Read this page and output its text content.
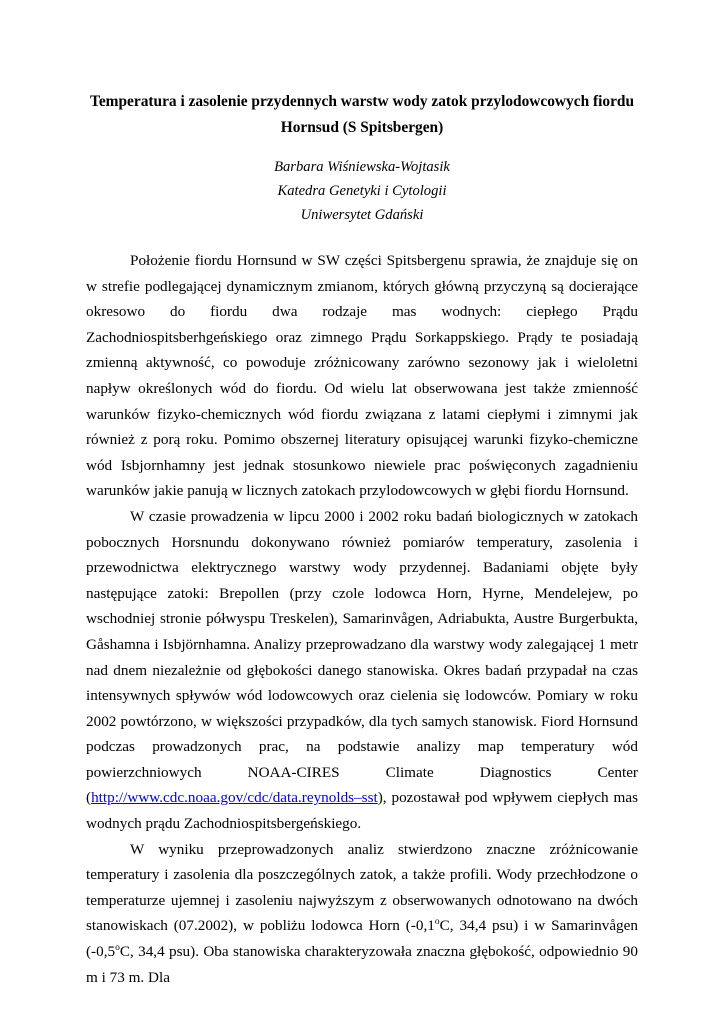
Temperatura i zasolenie przydennych warstw wody zatok przylodowcowych fiordu
Hornsud (S Spitsbergen)
Barbara Wiśniewska-Wojtasik
Katedra Genetyki i Cytologii
Uniwersytet Gdański

Położenie fiordu Hornsund w SW części Spitsbergenu sprawia, że znajduje się on w strefie podlegającej dynamicznym zmianom, których główną przyczyną są docierające okresowo do fiordu dwa rodzaje mas wodnych: ciepłego Prądu Zachodniospitsberhgeńskiego oraz zimnego Prądu Sorkappskiego. Prądy te posiadają zmienną aktywność, co powoduje zróżnicowany zarówno sezonowy jak i wieloletni napływ określonych wód do fiordu. Od wielu lat obserwowana jest także zmienność warunków fizyko-chemicznych wód fiordu związana z latami ciepłymi i zimnymi jak również z porą roku. Pomimo obszernej literatury opisującej warunki fizyko-chemiczne wód Isbjornhamny jest jednak stosunkowo niewiele prac poświęconych zagadnieniu warunków jakie panują w licznych zatokach przylodowcowych w głębi fiordu Hornsund.

W czasie prowadzenia w lipcu 2000 i 2002 roku badań biologicznych w zatokach pobocznych Horsnundu dokonywano również pomiarów temperatury, zasolenia i przewodnictwa elektrycznego warstwy wody przydennej. Badaniami objęte były następujące zatoki: Brepollen (przy czole lodowca Horn, Hyrne, Mendelejew, po wschodniej stronie półwyspu Treskelen), Samarinvågen, Adriabukta, Austre Burgerbukta, Gåshamna i Isbjörnhamna. Analizy przeprowadzano dla warstwy wody zalegającej 1 metr nad dnem niezależnie od głębokości danego stanowiska. Okres badań przypadał na czas intensywnych spływów wód lodowcowych oraz cielenia się lodowców. Pomiary w roku 2002 powtórzono, w większości przypadków, dla tych samych stanowisk. Fiord Hornsund podczas prowadzonych prac, na podstawie analizy map temperatury wód powierzchniowych NOAA-CIRES Climate Diagnostics Center (http://www.cdc.noaa.gov/cdc/data.reynolds–sst), pozostawał pod wpływem ciepłych mas wodnych prądu Zachodniospitsbergeńskiego.

W wyniku przeprowadzonych analiz stwierdzono znaczne zróżnicowanie temperatury i zasolenia dla poszczególnych zatok, a także profili. Wody przechłodzone o temperaturze ujemnej i zasoleniu najwyższym z obserwowanych odnotowano na dwóch stanowiskach (07.2002), w pobliżu lodowca Horn (-0,1$^o$C, 34,4 psu) i w Samarinvågen (-0,5$^o$C, 34,4 psu). Oba stanowiska charakteryzowała znaczna głębokość, odpowiednio 90 m i 73 m. Dla
